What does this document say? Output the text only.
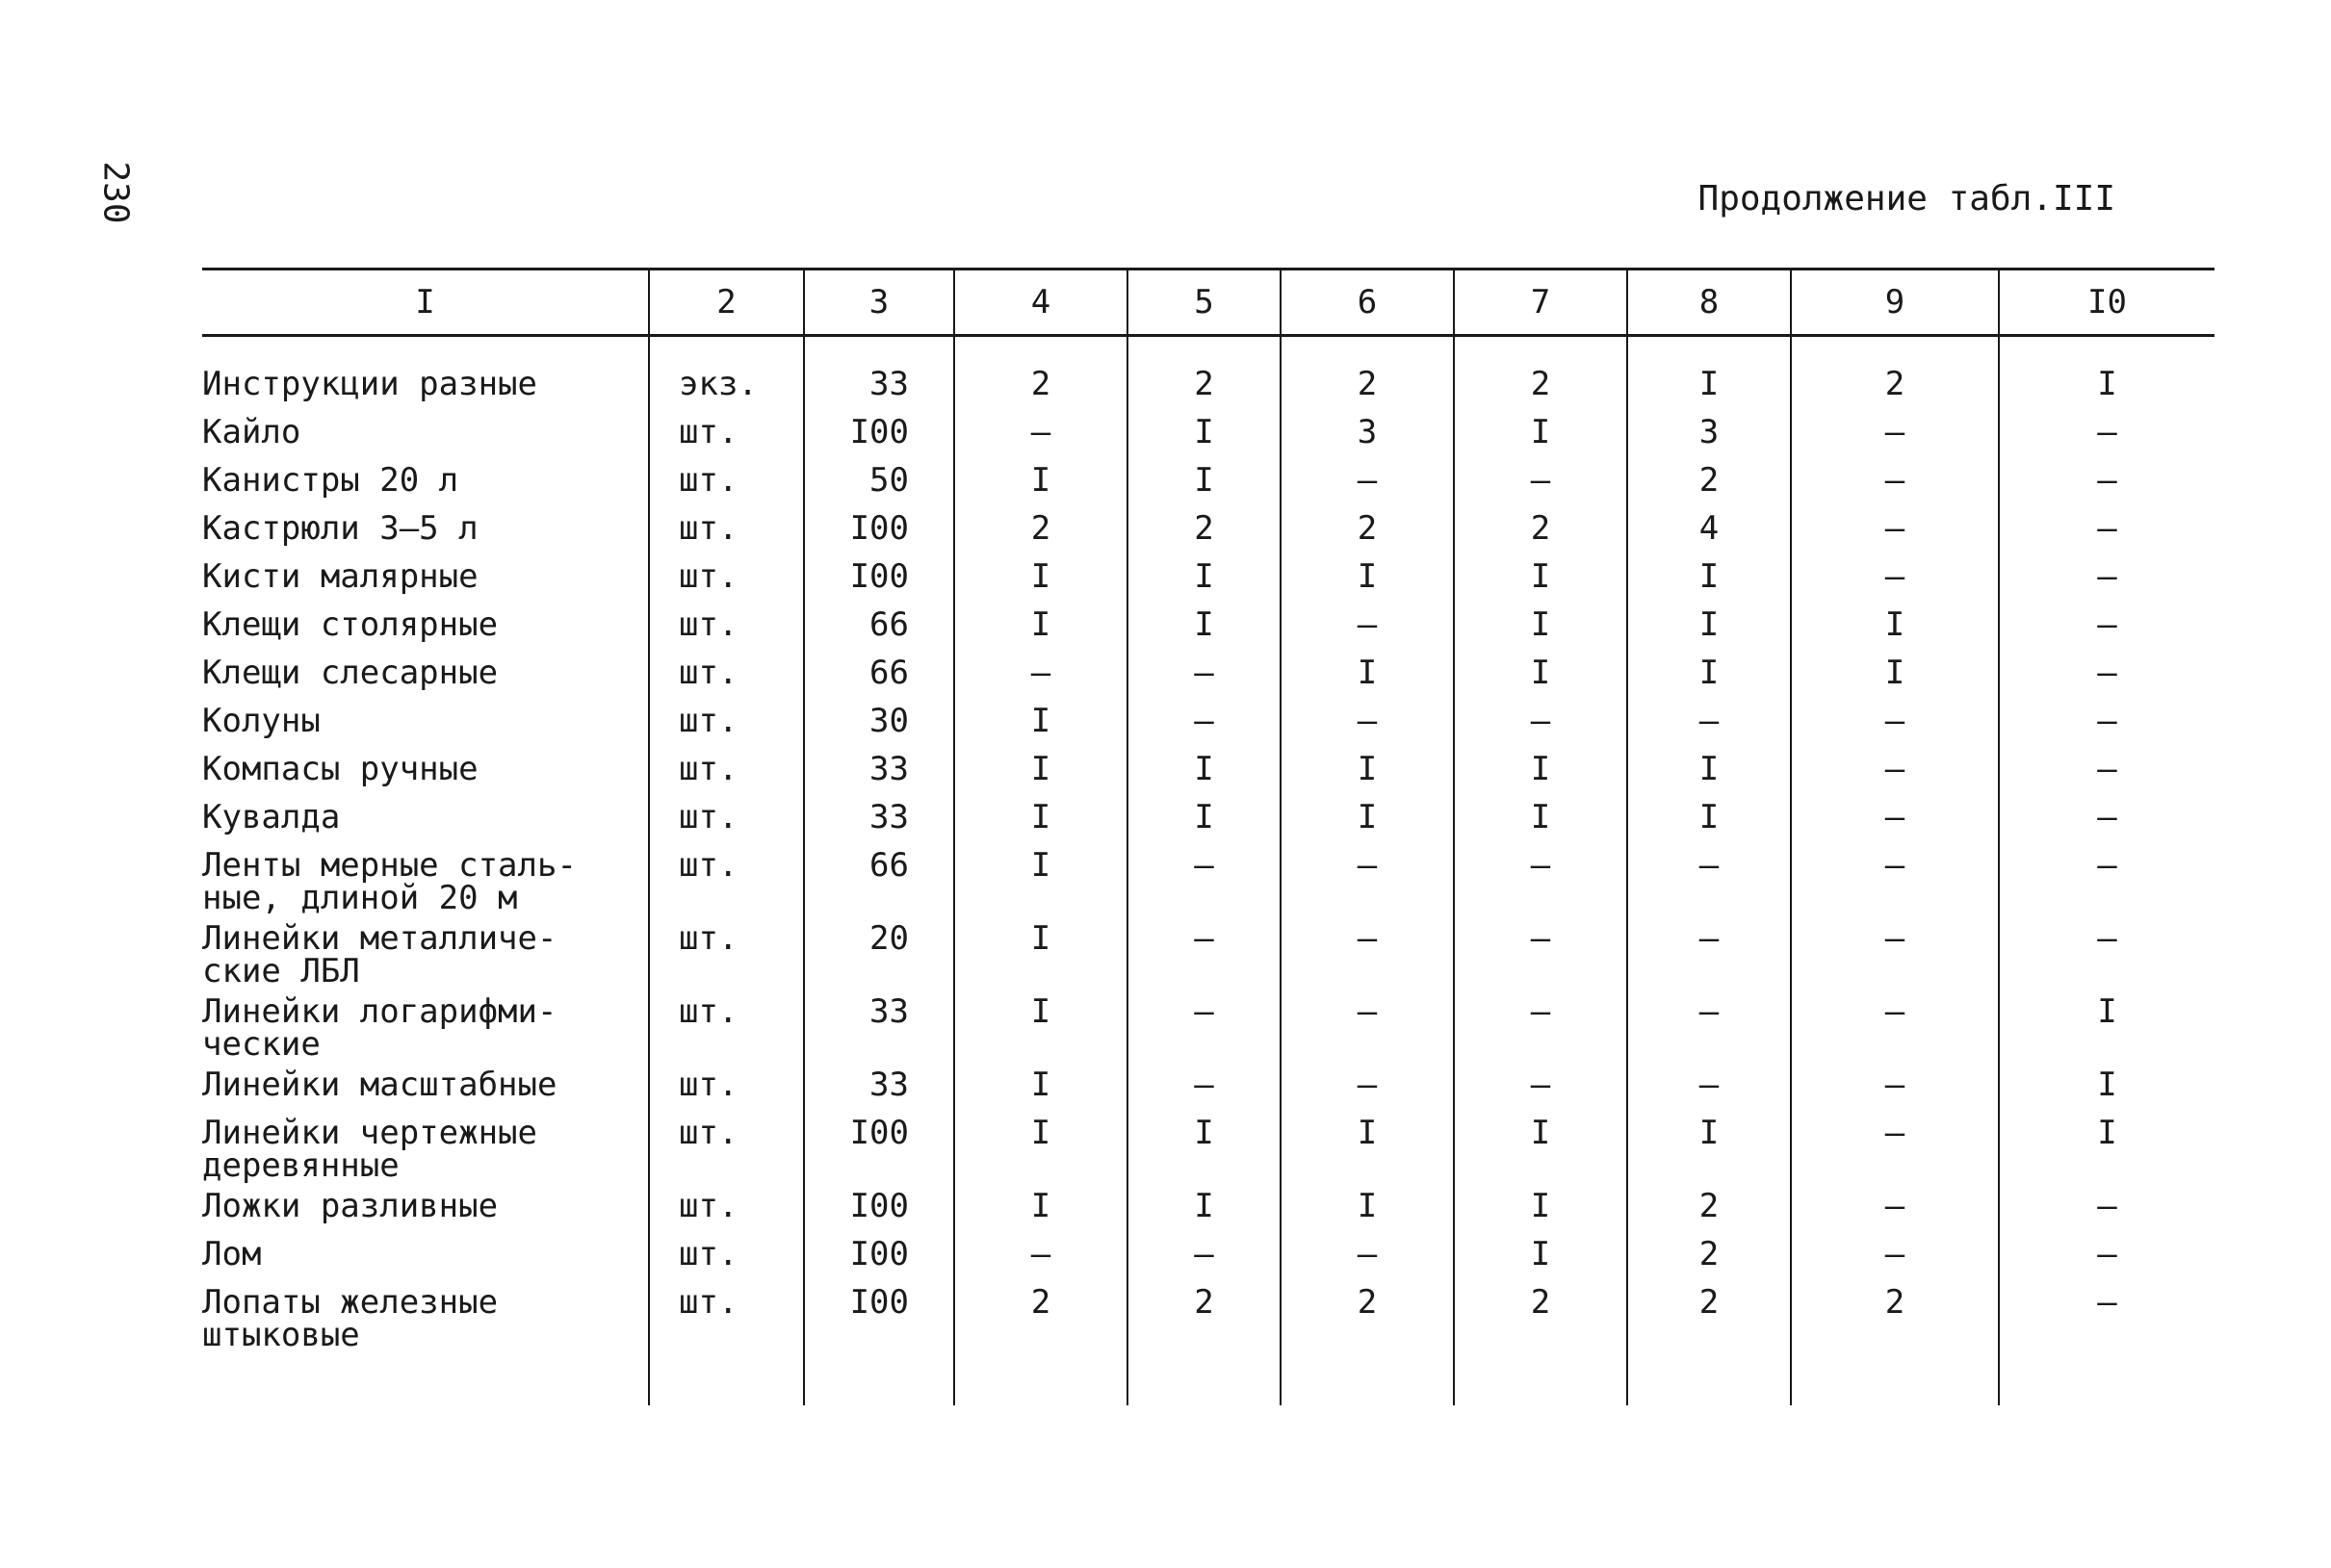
230	Продолжение табл.III
I	2	3	4	5	6	7	8	9	I0

Инструкции разные	экз.	33	2	2	2	2	I	2	I

Кайло	шт.	I00	–	I	3	I	3	–	–

Канистры 20 л	шт.	50	I	I	–	–	2	–	–

Кастрюли 3–5 л	шт.	I00	2	2	2	2	4	–	–

Кисти малярные	шт.	I00	I	I	I	I	I	–	–

Клещи столярные	шт.	66	I	I	–	I	I	I	–

Клещи слесарные	шт.	66	–	–	I	I	I	I	–

Колуны	шт.	30	I	–	–	–	–	–	–

Компасы ручные	шт.	33	I	I	I	I	I	–	–

Кувалда	шт.	33	I	I	I	I	I	–	–

Ленты мерные сталь-
ные, длиной 20 м	шт.	66	I	–	–	–	–	–	–

Линейки металличе-
ские ЛБЛ	шт.	20	I	–	–	–	–	–	–

Линейки логарифми-
ческие	шт.	33	I	–	–	–	–	–	I

Линейки масштабные	шт.	33	I	–	–	–	–	–	I

Линейки чертежные
деревянные	шт.	I00	I	I	I	I	I	–	I

Ложки разливные	шт.	I00	I	I	I	I	2	–	–

Лом	шт.	I00	–	–	–	I	2	–	–

Лопаты железные
штыковые	шт.	I00	2	2	2	2	2	2	–
